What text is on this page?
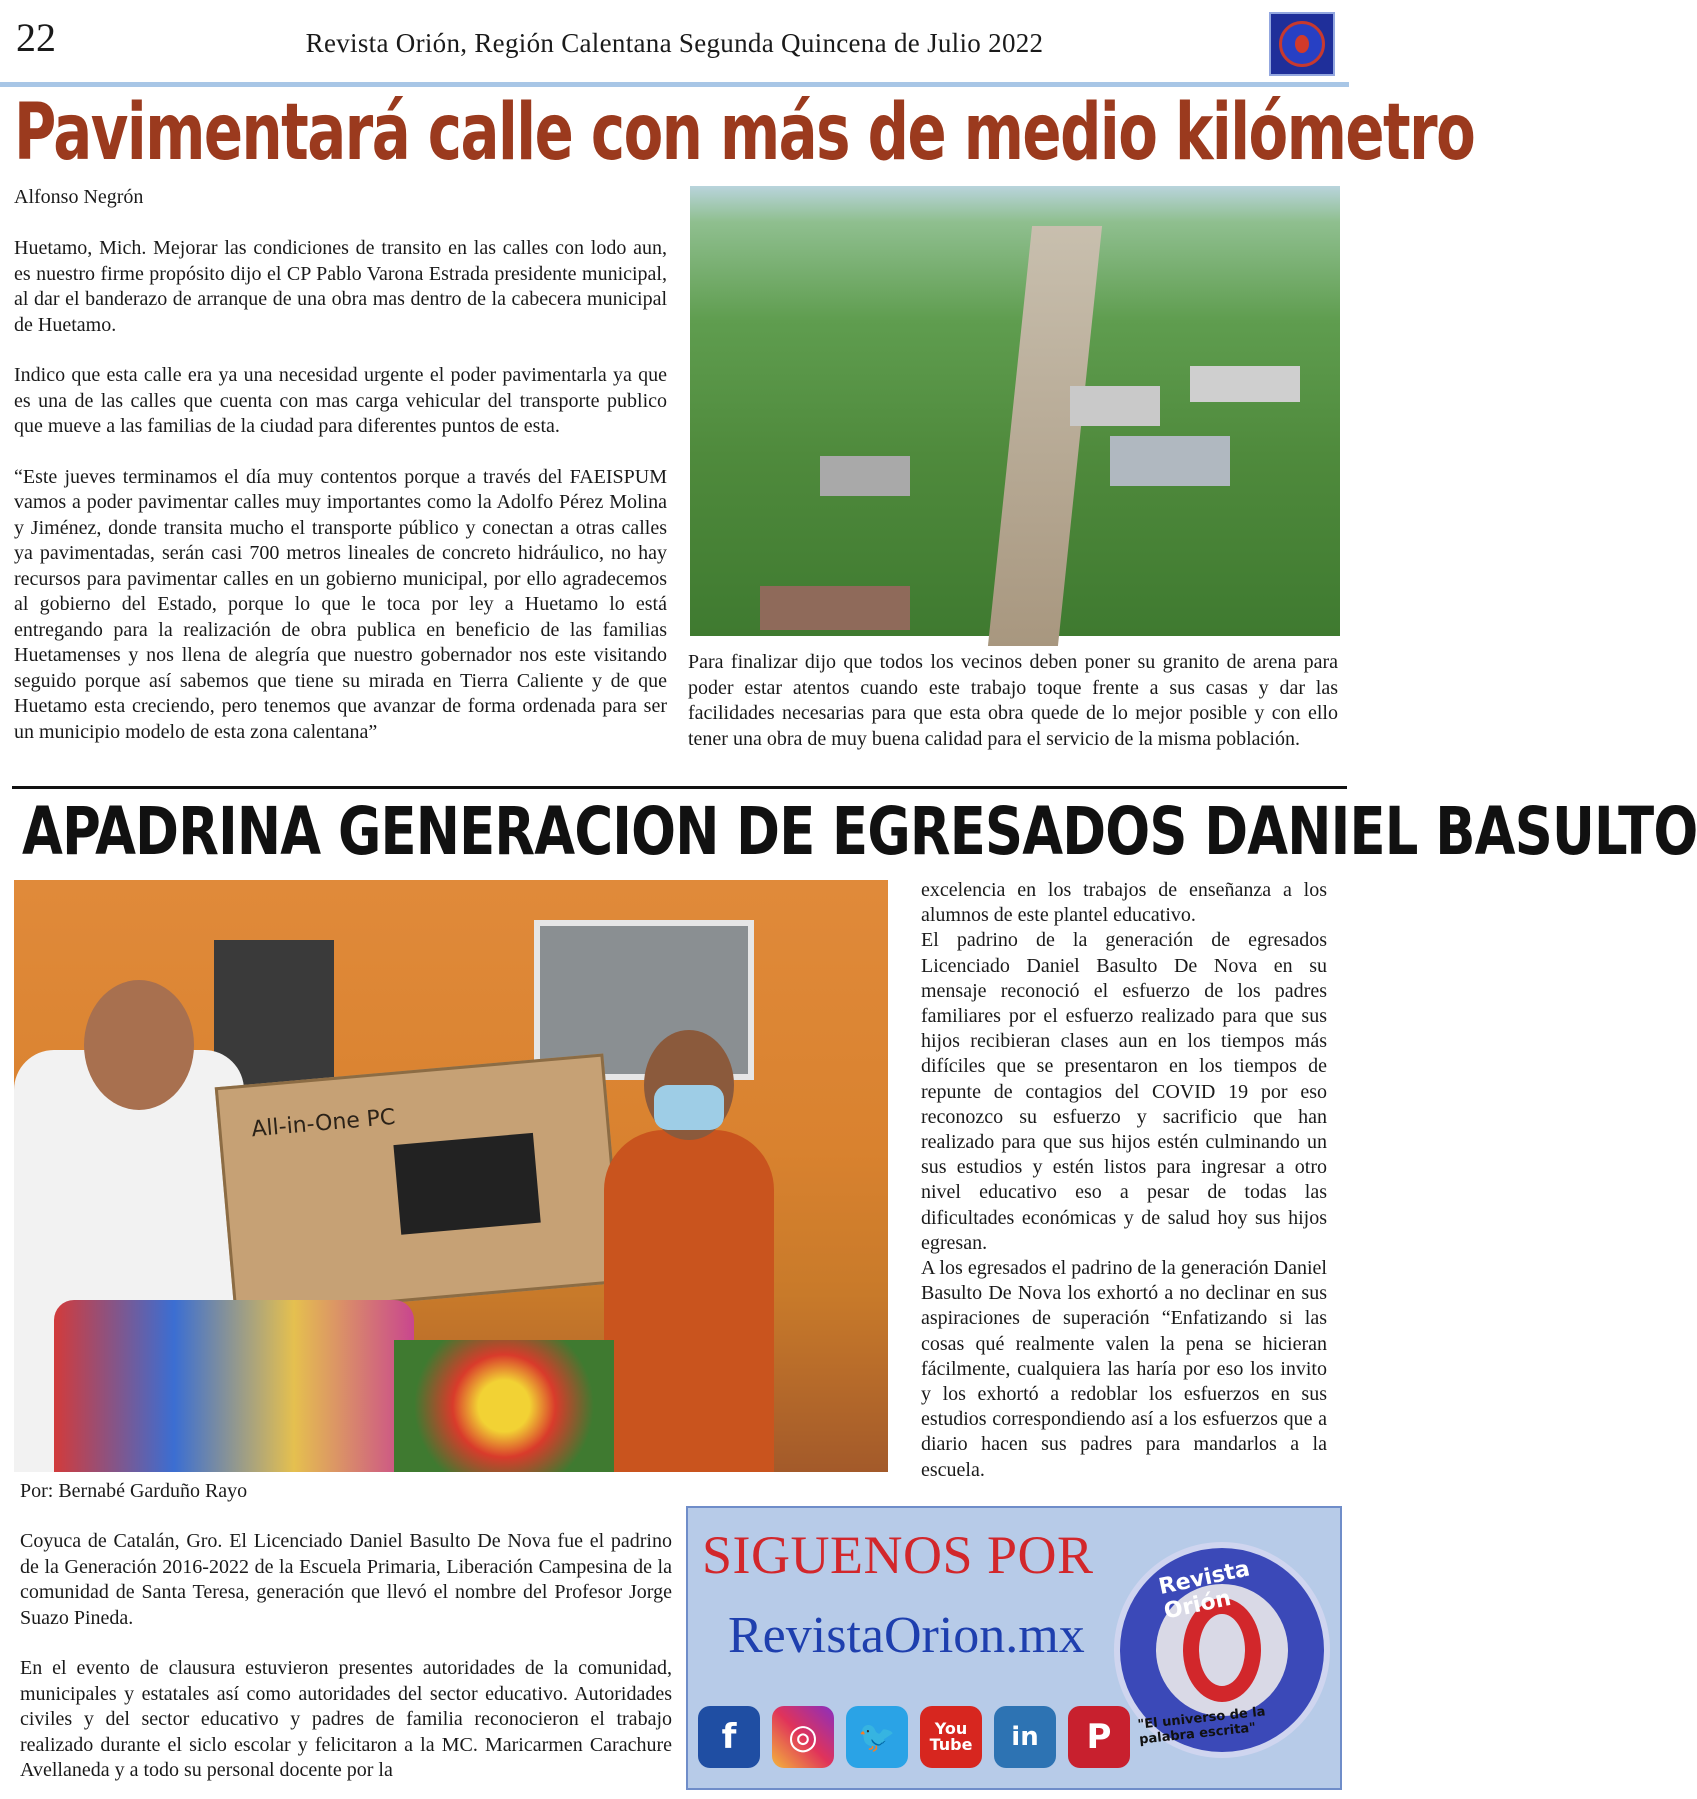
22	Revista Orión, Región Calentana Segunda Quincena de Julio 2022
Pavimentará calle con más de medio kilómetro
Alfonso Negrón

Huetamo, Mich. Mejorar las condiciones de transito en las calles con lodo aun, es nuestro firme propósito dijo el CP Pablo Varona Estrada presidente municipal, al dar el banderazo de arranque de una obra mas dentro de la cabecera municipal de Huetamo.

Indico que esta calle era ya una necesidad urgente el poder pavimentarla ya que es una de las calles que cuenta con mas carga vehicular del transporte publico que mueve a las familias de la ciudad para diferentes puntos de esta.

“Este jueves terminamos el día muy contentos porque a través del FAEISPUM vamos a poder pavimentar calles muy importantes como la Adolfo Pérez Molina y Jiménez, donde transita mucho el transporte público y conectan a otras calles ya pavimentadas, serán casi 700 metros lineales de concreto hidráulico, no hay recursos para pavimentar calles en un gobierno municipal, por ello agradecemos al gobierno del Estado, porque lo que le toca por ley a Huetamo lo está entregando para la realización de obra publica en beneficio de las familias Huetamenses y nos llena de alegría que nuestro gobernador nos este visitando seguido porque así sabemos que tiene su mirada en Tierra Caliente y de que Huetamo esta creciendo, pero tenemos que avanzar de forma ordenada para ser un municipio modelo de esta zona calentana”

Para finalizar dijo que todos los vecinos deben poner su granito de arena para poder estar atentos cuando este trabajo toque frente a sus casas y dar las facilidades necesarias para que esta obra quede de lo mejor posible y con ello tener una obra de muy buena calidad para el servicio de la misma población.
APADRINA GENERACION DE EGRESADOS DANIEL BASULTO
All-in-One PC

excelencia en los trabajos de enseñanza a los alumnos de este plantel educativo.

El padrino de la generación de egresados Licenciado Daniel Basulto De Nova en su mensaje reconoció el esfuerzo de los padres familiares por el esfuerzo realizado para que sus hijos recibieran clases aun en los tiempos más difíciles que se presentaron en los tiempos de repunte de contagios del COVID 19 por eso reconozco su esfuerzo y sacrificio que han realizado para que sus hijos estén culminando un sus estudios y estén listos para ingresar a otro nivel educativo eso a pesar de todas las dificultades económicas y de salud hoy sus hijos egresan.

A los egresados el padrino de la generación Daniel Basulto De Nova los exhortó a no declinar en sus aspiraciones de superación “Enfatizando si las cosas qué realmente valen la pena se hicieran fácilmente, cualquiera las haría por eso los invito y los exhortó a redoblar los esfuerzos en sus estudios correspondiendo así a los esfuerzos que a diario hacen sus padres para mandarlos a la escuela.

Por: Bernabé Garduño Rayo

Coyuca de Catalán, Gro. El Licenciado Daniel Basulto De Nova fue el padrino de la Generación 2016-2022 de la Escuela Primaria, Liberación Campesina de la comunidad de Santa Teresa, generación que llevó el nombre del Profesor Jorge Suazo Pineda.

En el evento de clausura estuvieron presentes autoridades de la comunidad, municipales y estatales así como autoridades del sector educativo. Autoridades civiles y del sector educativo y padres de familia reconocieron el trabajo realizado durante el siclo escolar y felicitaron a la MC. Maricarmen Carachure Avellaneda y a todo su personal docente por la

SIGUENOS POR
RevistaOrion.mx
f	◎	🐦	You Tube	in	P
Revista Orión
"El universo de la palabra escrita"
